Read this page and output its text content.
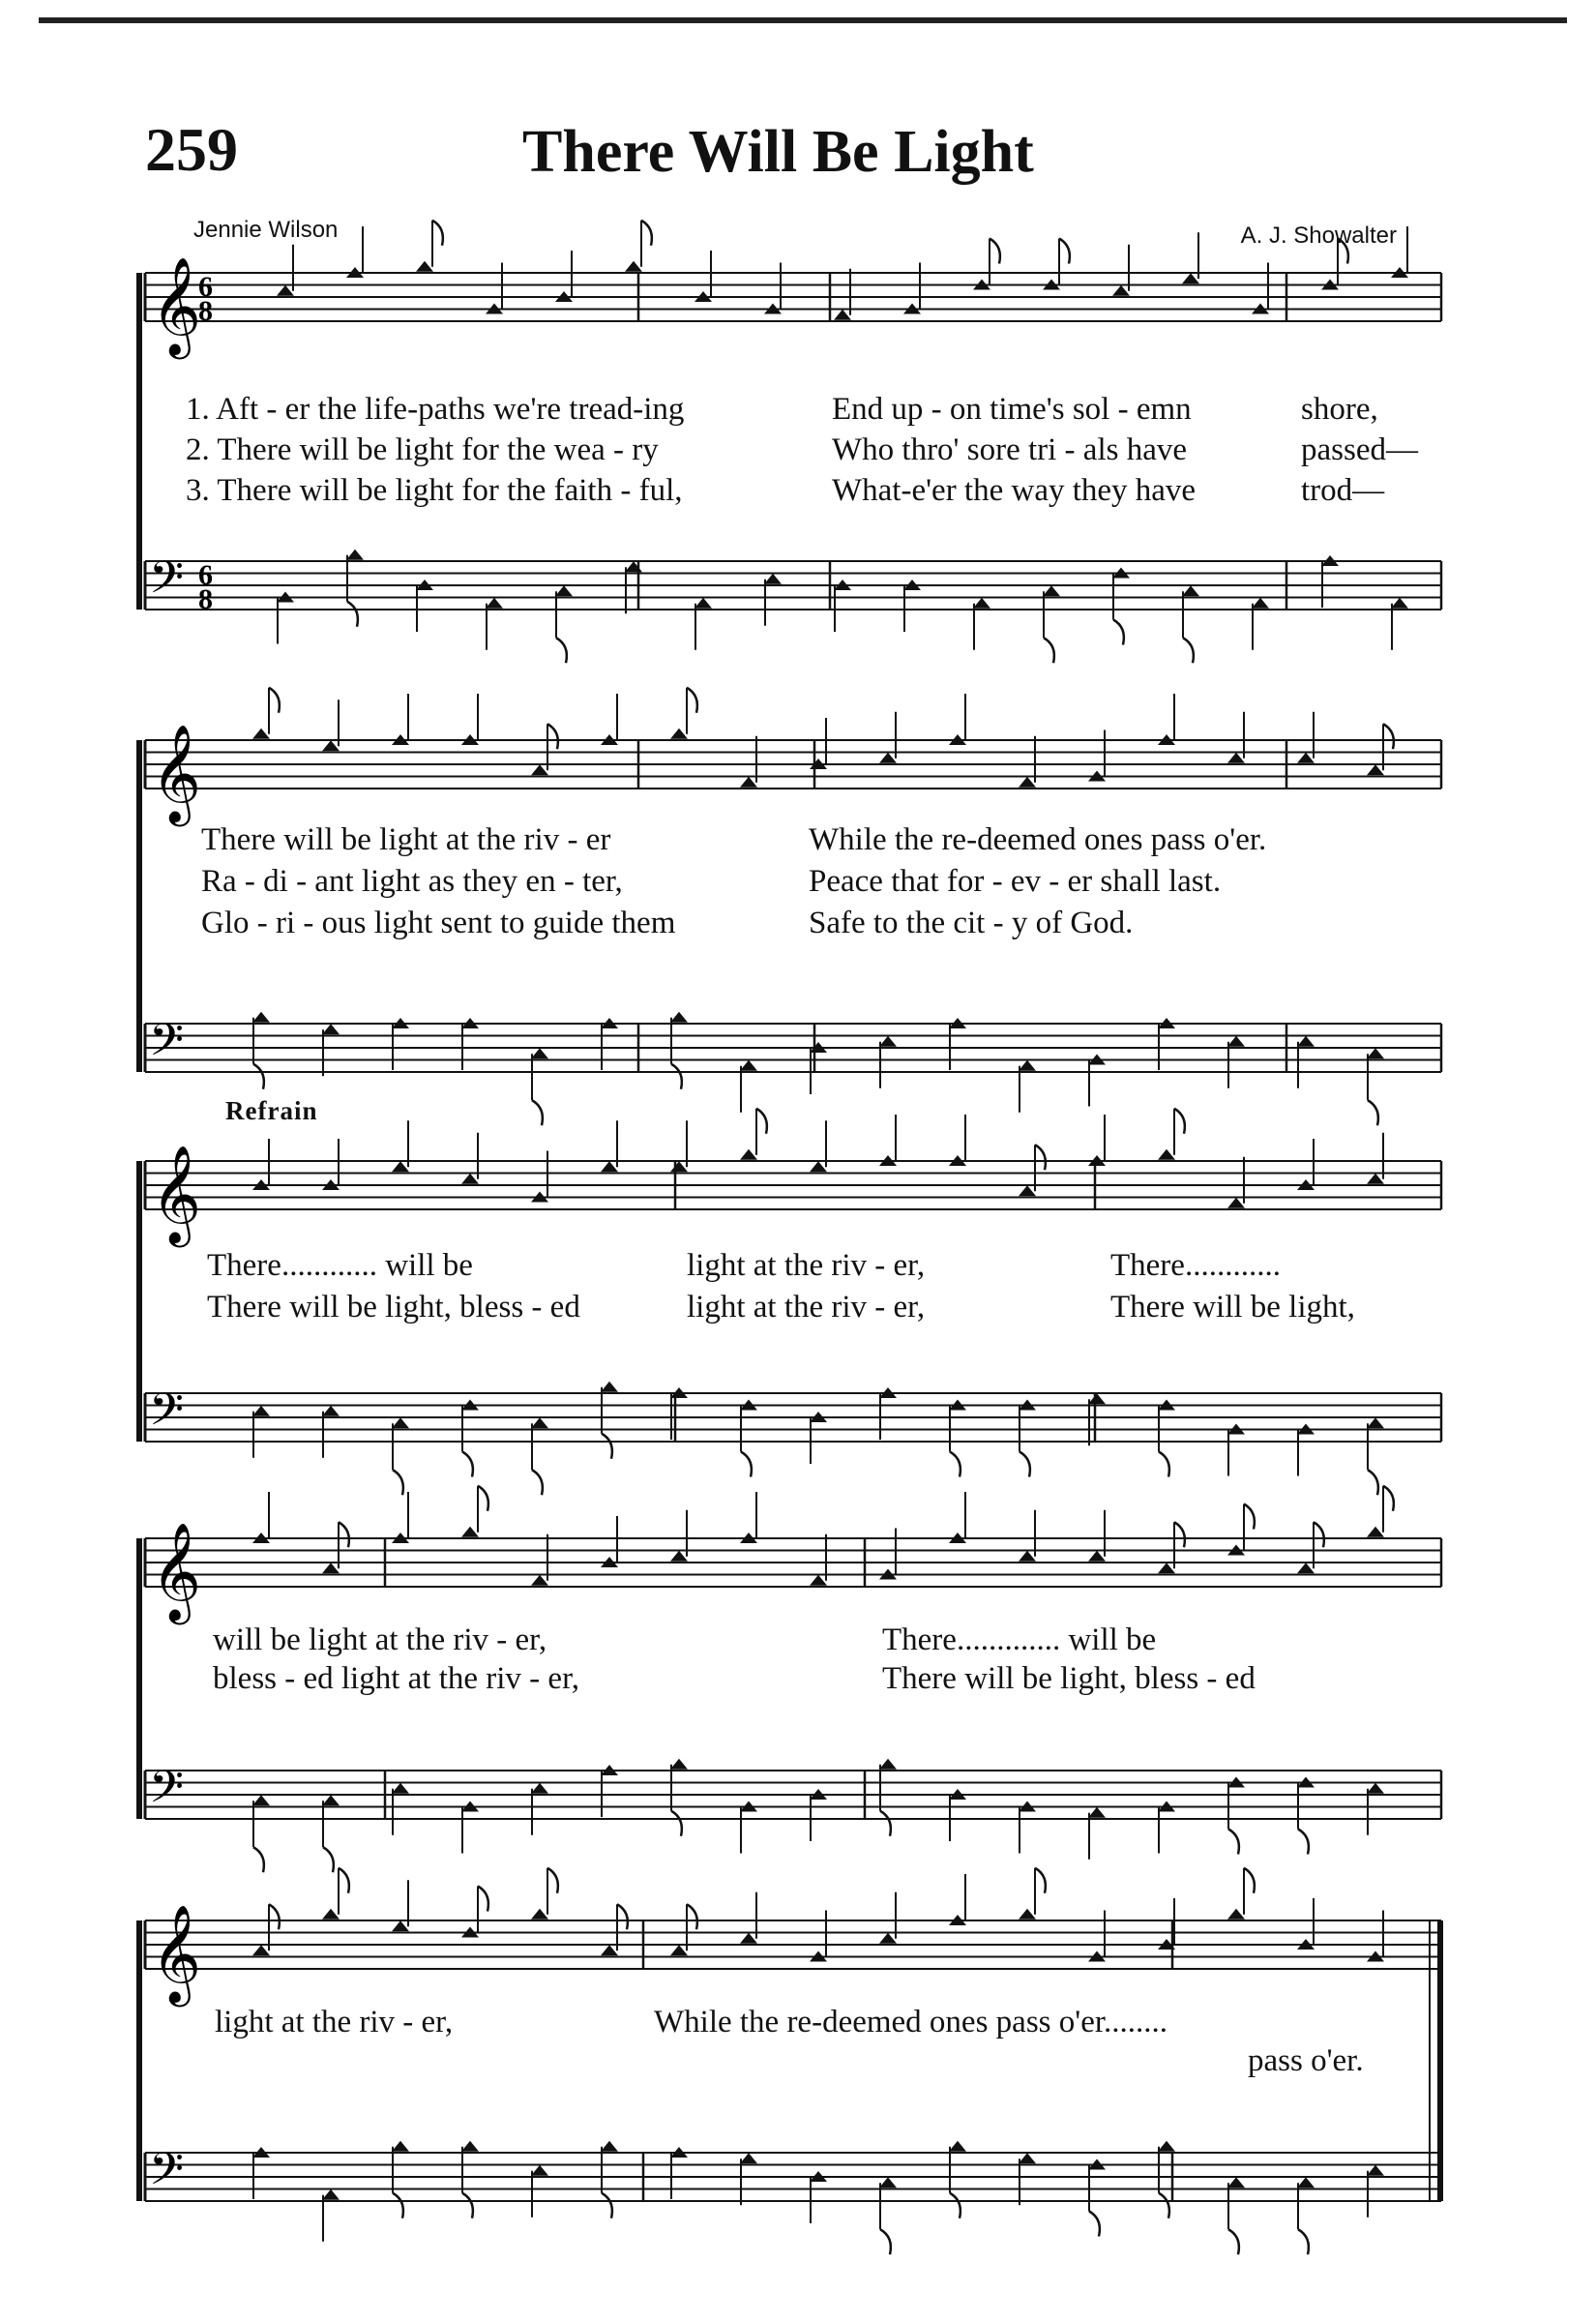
259	There Will Be Light
Jennie Wilson	A. J. Showalter
𝄞
𝄢
6
8
6
8
𝄞
𝄢
𝄞
𝄢
𝄞
𝄢
𝄞
𝄢
Refrain
1. Aft - er the life-paths we're tread-ing	End up - on time's sol - emn	shore,
2. There will be light for the wea - ry	Who thro' sore tri - als have	passed—
3. There will be light for the faith - ful,	What-e'er the way they have	trod—
There will be light at the riv - er	While the re-deemed ones pass o'er.
Ra - di - ant light as they en - ter,	Peace that for - ev - er shall last.
Glo - ri - ous light sent to guide them	Safe to the cit - y of God.
There............ will be	light at the riv - er,	There............
There will be light, bless - ed	light at the riv - er,	There will be light,
will be light at the riv - er,	There............. will be
bless - ed light at the riv - er,	There will be light, bless - ed
light at the riv - er,	While the re-deemed ones pass o'er........
pass o'er.
